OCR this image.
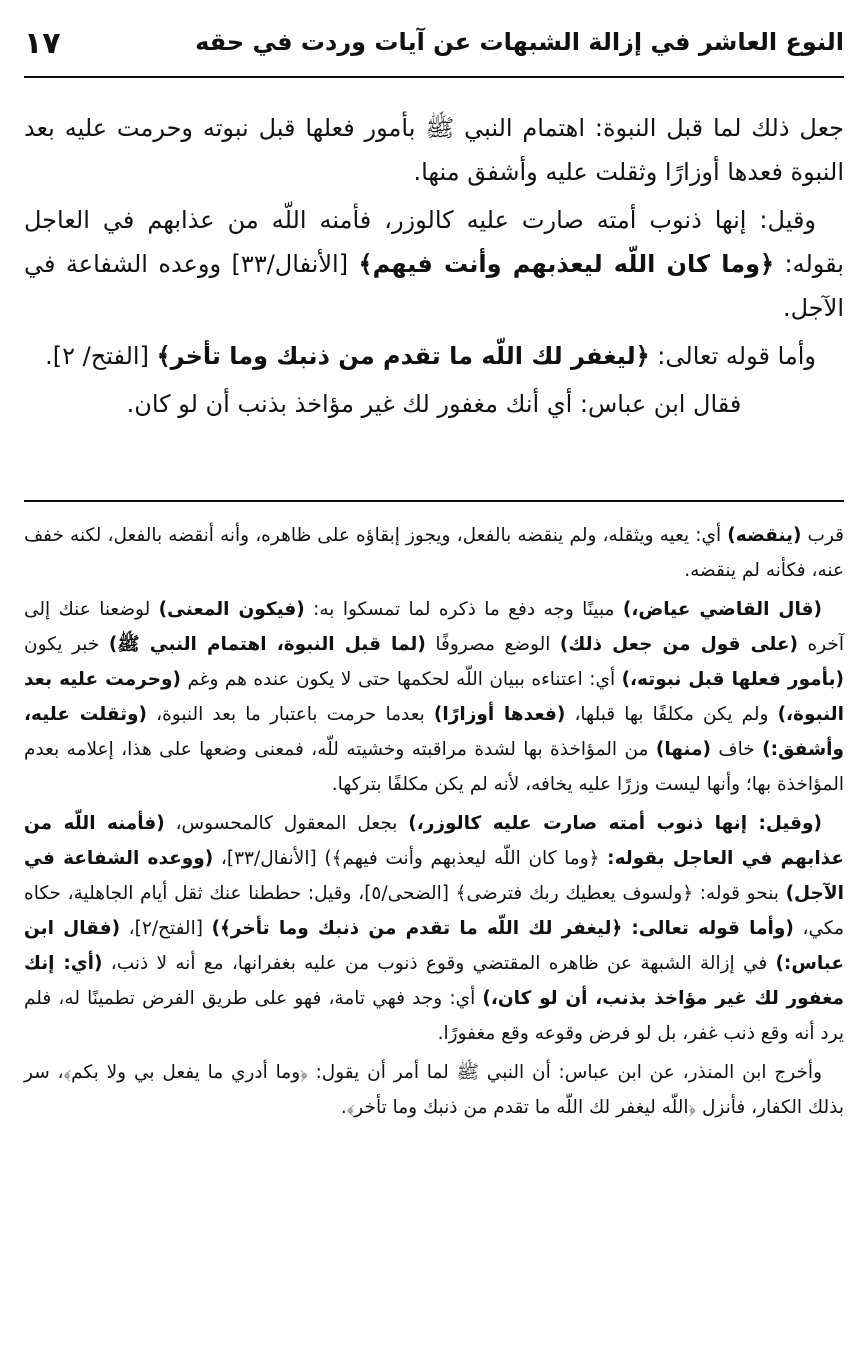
النوع العاشر في إزالة الشبهات عن آيات وردت في حقه
١٧

جعل ذلك لما قبل النبوة: اهتمام النبي ﷺ بأمور فعلها قبل نبوته وحرمت عليه بعد النبوة فعدها أوزارًا وثقلت عليه وأشفق منها.

وقيل: إنها ذنوب أمته صارت عليه كالوزر، فأمنه اللّه من عذابهم في العاجل بقوله: ﴿وما كان اللّه ليعذبهم وأنت فيهم﴾ [الأنفال/٣٣] ووعده الشفاعة في الآجل.

وأما قوله تعالى: ﴿ليغفر لك اللّه ما تقدم من ذنبك وما تأخر﴾ [الفتح/ ٢].

فقال ابن عباس: أي أنك مغفور لك غير مؤاخذ بذنب أن لو كان.

قرب (ينقضه) أي: يعيه ويثقله، ولم ينقضه بالفعل، ويجوز إبقاؤه على ظاهره، وأنه أنقضه بالفعل، لكنه خفف عنه، فكأنه لم ينقضه.

(قال القاضي عياض،) مبينًا وجه دفع ما ذكره لما تمسكوا به: (فيكون المعنى) لوضعنا عنك إلى آخره (على قول من جعل ذلك) الوضع مصروفًا (لما قبل النبوة، اهتمام النبي ﷺ) خبر يكون (بأمور فعلها قبل نبوته،) أي: اعتناءه ببيان اللّه لحكمها حتى لا يكون عنده هم وغم (وحرمت عليه بعد النبوة،) ولم يكن مكلفًا بها قبلها، (فعدها أوزارًا) بعدما حرمت باعتبار ما بعد النبوة، (وثقلت عليه، وأشفق:) خاف (منها) من المؤاخذة بها لشدة مراقبته وخشيته للّه، فمعنى وضعها على هذا، إعلامه بعدم المؤاخذة بها؛ وأنها ليست وزرًا عليه يخافه، لأنه لم يكن مكلفًا بتركها.

(وقيل: إنها ذنوب أمته صارت عليه كالوزر،) بجعل المعقول كالمحسوس، (فأمنه اللّه من عذابهم في العاجل بقوله: ﴿وما كان اللّه ليعذبهم وأنت فيهم﴾) [الأنفال/٣٣]، (ووعده الشفاعة في الآجل) بنحو قوله: ﴿ولسوف يعطيك ربك فترضى﴾ [الضحى/٥]، وقيل: حططنا عنك ثقل أيام الجاهلية، حكاه مكي، (وأما قوله تعالى: ﴿ليغفر لك اللّه ما تقدم من ذنبك وما تأخر﴾) [الفتح/٢]، (فقال ابن عباس:) في إزالة الشبهة عن ظاهره المقتضي وقوع ذنوب من عليه بغفرانها، مع أنه لا ذنب، (أي: إنك مغفور لك غير مؤاخذ بذنب، أن لو كان،) أي: وجد فهي تامة، فهو على طريق الفرض تطمينًا له، فلم يرد أنه وقع ذنب غفر، بل لو فرض وقوعه وقع مغفورًا.

وأخرج ابن المنذر، عن ابن عباس: أن النبي ﷺ لما أمر أن يقول: ﴿وما أدري ما يفعل بي ولا بكم﴾، سر بذلك الكفار، فأنزل ﴿اللّه ليغفر لك اللّه ما تقدم من ذنبك وما تأخر﴾.
